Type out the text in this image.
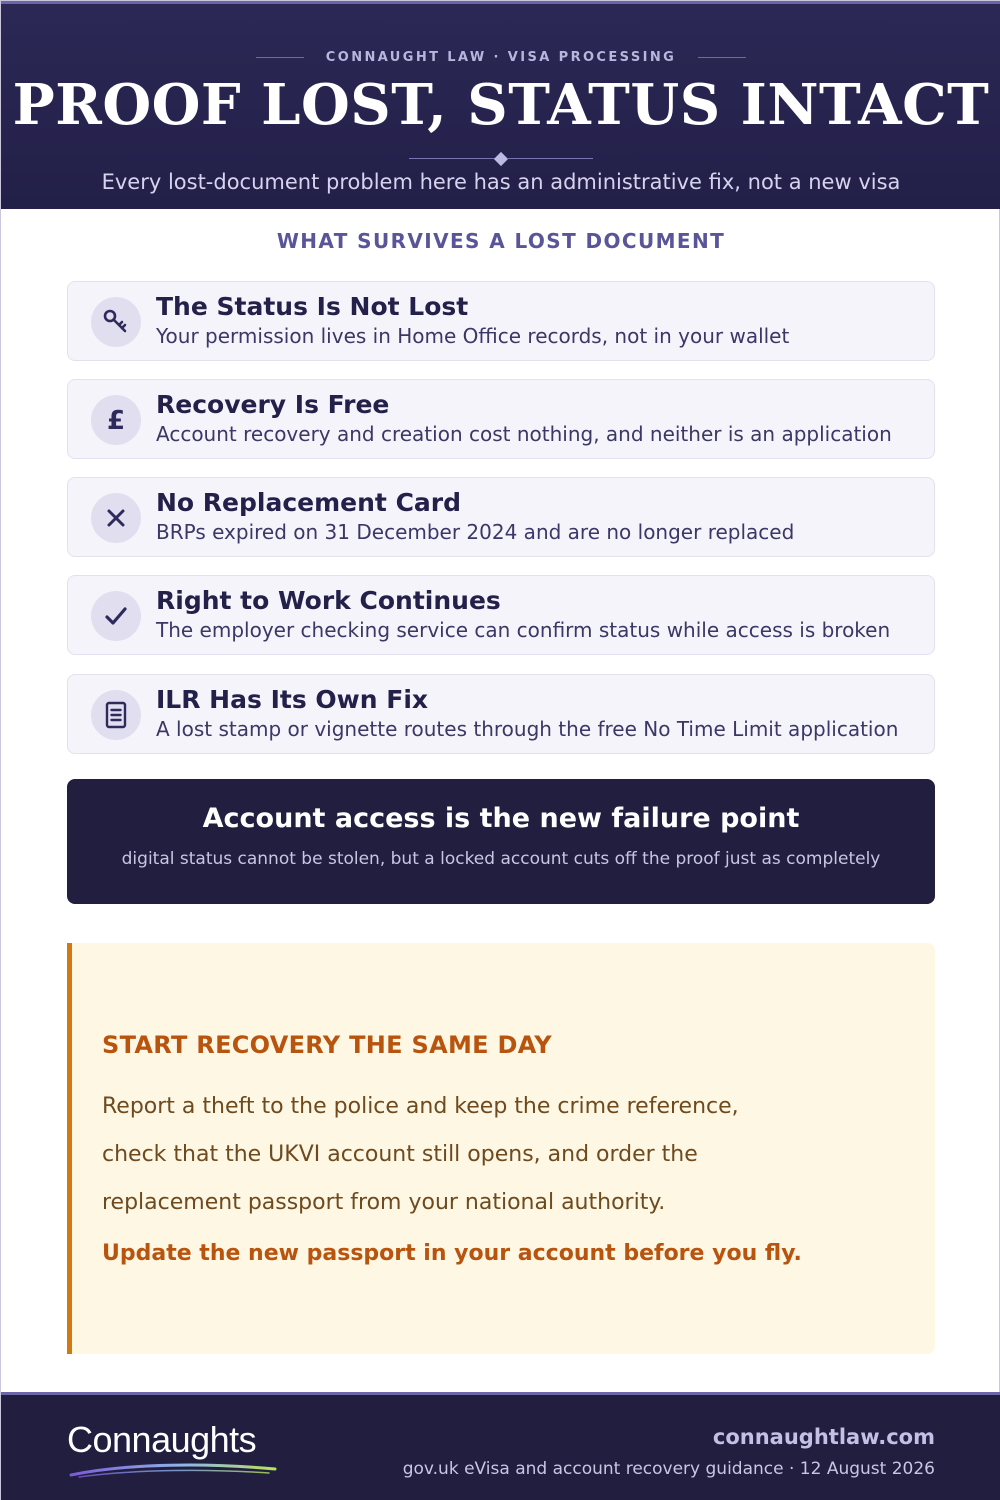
CONNAUGHT LAW · VISA PROCESSING
PROOF LOST, STATUS INTACT

Every lost-document problem here has an administrative fix, not a new visa

WHAT SURVIVES A LOST DOCUMENT
The Status Is Not Lost
Your permission lives in Home Office records, not in your wallet
£
Recovery Is Free
Account recovery and creation cost nothing, and neither is an application
No Replacement Card
BRPs expired on 31 December 2024 and are no longer replaced
Right to Work Continues
The employer checking service can confirm status while access is broken
ILR Has Its Own Fix
A lost stamp or vignette routes through the free No Time Limit application
Account access is the new failure point
digital status cannot be stolen, but a locked account cuts off the proof just as completely
START RECOVERY THE SAME DAY

Report a theft to the police and keep the crime reference, check that the UKVI account still opens, and order the replacement passport from your national authority.

Update the new passport in your account before you fly.
Connaughts	connaughtlaw.com
gov.uk eVisa and account recovery guidance · 12 August 2026
